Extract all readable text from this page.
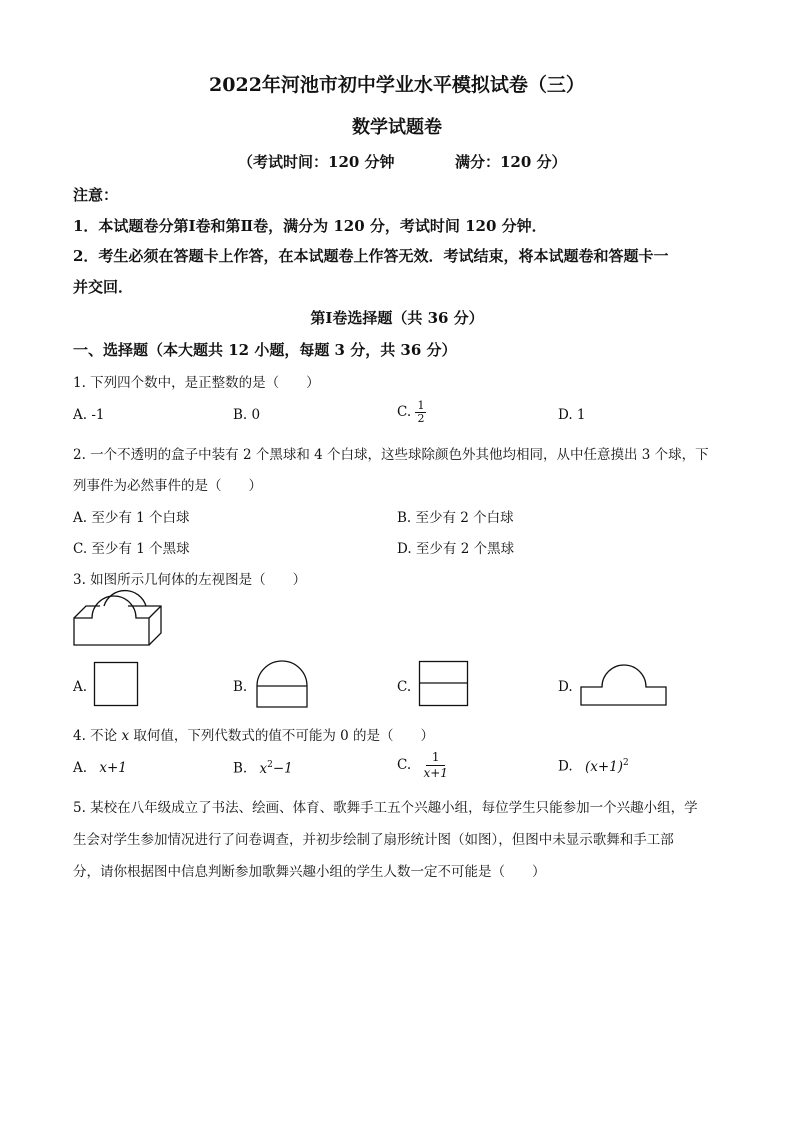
2022年河池市初中学业水平模拟试卷（三）
数学试题卷
（考试时间：120 分钟	满分：120 分）
注意：
1．本试题卷分第Ⅰ卷和第Ⅱ卷，满分为 120 分，考试时间 120 分钟．
2．考生必须在答题卡上作答，在本试题卷上作答无效．考试结束，将本试题卷和答题卡一
并交回．
第Ⅰ卷选择题（共 36 分）
一、选择题（本大题共 12 小题，每题 3 分，共 36 分）
1. 下列四个数中，是正整数的是（　　）
A. -1	B. 0	C. $\frac{1}{2}$	D. 1
2. 一个不透明的盒子中装有 2 个黑球和 4 个白球，这些球除颜色外其他均相同，从中任意摸出 3 个球，下
列事件为必然事件的是（　　）
A. 至少有 1 个白球	B. 至少有 2 个白球
C. 至少有 1 个黑球	D. 至少有 2 个黑球
3. 如图所示几何体的左视图是（　　）
A.	B.	C.	D.
4. 不论 x 取何值，下列代数式的值不可能为 0 的是（　　）
A. x+1	B. $x^2-1$	C. $\frac{1}{x+1}$	D. $(x+1)^2$
5. 某校在八年级成立了书法、绘画、体育、歌舞手工五个兴趣小组，每位学生只能参加一个兴趣小组，学
生会对学生参加情况进行了问卷调查，并初步绘制了扇形统计图（如图），但图中未显示歌舞和手工部
分，请你根据图中信息判断参加歌舞兴趣小组的学生人数一定不可能是（　　）
